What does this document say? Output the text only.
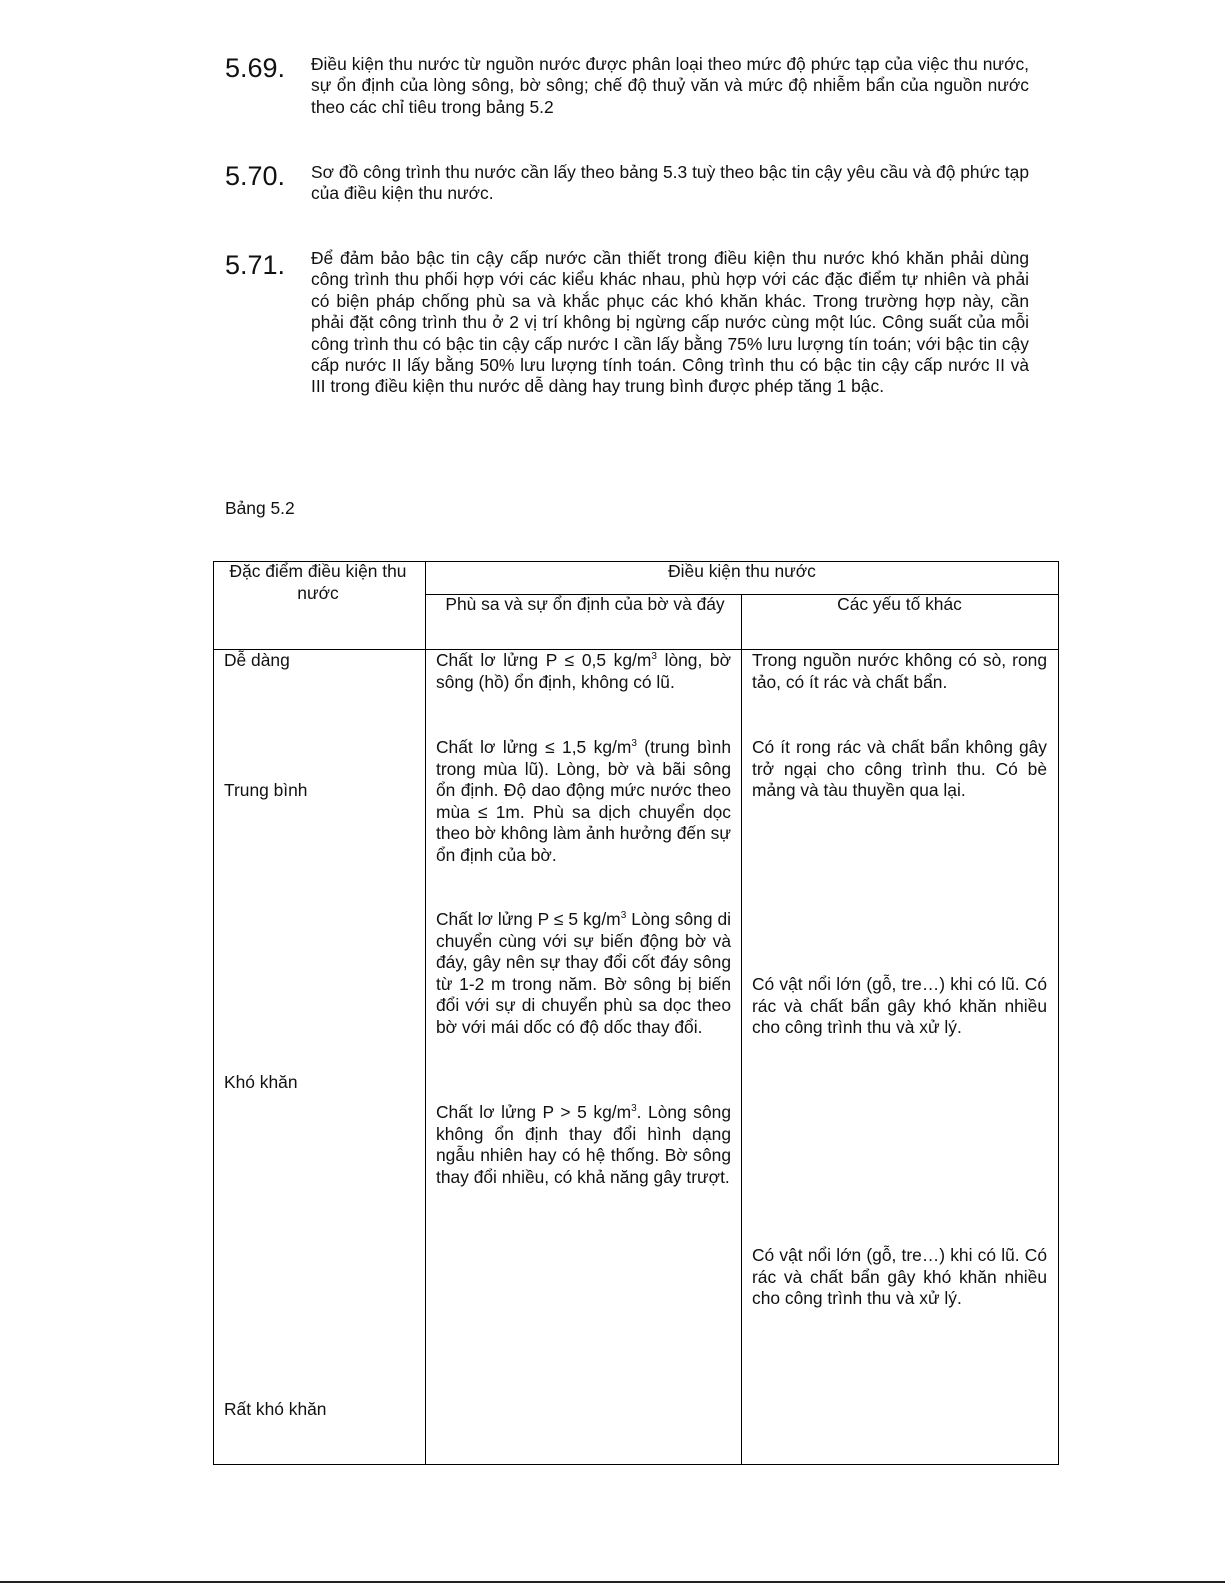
5.69. Điều kiện thu nước từ nguồn nước được phân loại theo mức độ phức tạp của việc thu nước, sự ổn định của lòng sông, bờ sông; chế độ thuỷ văn và mức độ nhiễm bẩn của nguồn nước theo các chỉ tiêu trong bảng 5.2
5.70. Sơ đồ công trình thu nước cần lấy theo bảng 5.3 tuỳ theo bậc tin cậy yêu cầu và độ phức tạp của điều kiện thu nước.
5.71. Để đảm bảo bậc tin cậy cấp nước cần thiết trong điều kiện thu nước khó khăn phải dùng công trình thu phối hợp với các kiểu khác nhau, phù hợp với các đặc điểm tự nhiên và phải có biện pháp chống phù sa và khắc phục các khó khăn khác. Trong trường hợp này, cần phải đặt công trình thu ở 2 vị trí không bị ngừng cấp nước cùng một lúc. Công suất của mỗi công trình thu có bậc tin cậy cấp nước I cần lấy bằng 75% lưu lượng tín toán; với bậc tin cậy cấp nước II lấy bằng 50% lưu lượng tính toán. Công trình thu có bậc tin cậy cấp nước II và III trong điều kiện thu nước dễ dàng hay trung bình được phép tăng 1 bậc.
Bảng 5.2
Đặc điểm điều kiện thu nước
Điều kiện thu nước
Phù sa và sự ổn định của bờ và đáy	Các yếu tố khác
Dễ dàng	Chất lơ lửng P ≤ 0,5 $kg/m^3$ lòng, bờ sông (hồ) ổn định, không có lũ.
Trong nguồn nước không có sò, rong tảo, có ít rác và chất bẩn.
Trung bình
Chất lơ lửng ≤ 1,5 $kg/m^3$ (trung bình trong mùa lũ). Lòng, bờ và bãi sông ổn định. Độ dao động mức nước theo mùa ≤ 1m. Phù sa dịch chuyển dọc theo bờ không làm ảnh hưởng đến sự ổn định của bờ.
Có ít rong rác và chất bẩn không gây trở ngại cho công trình thu. Có bè mảng và tàu thuyền qua lại.
Khó khăn
Chất lơ lửng P ≤ 5 $kg/m^3$ Lòng sông di chuyển cùng với sự biến động bờ và đáy, gây nên sự thay đổi cốt đáy sông từ 1-2 m trong năm. Bờ sông bị biến đổi với sự di chuyển phù sa dọc theo bờ với mái dốc có độ dốc thay đổi.
Chất lơ lửng P > 5 $kg/m^3$. Lòng sông không ổn định thay đổi hình dạng ngẫu nhiên hay có hệ thống. Bờ sông thay đổi nhiều, có khả năng gây trượt.
Có vật nổi lớn (gỗ, tre…) khi có lũ. Có rác và chất bẩn gây khó khăn nhiều cho công trình thu và xử lý.
Rất khó khăn
Có vật nổi lớn (gỗ, tre…) khi có lũ. Có rác và chất bẩn gây khó khăn nhiều cho công trình thu và xử lý.
